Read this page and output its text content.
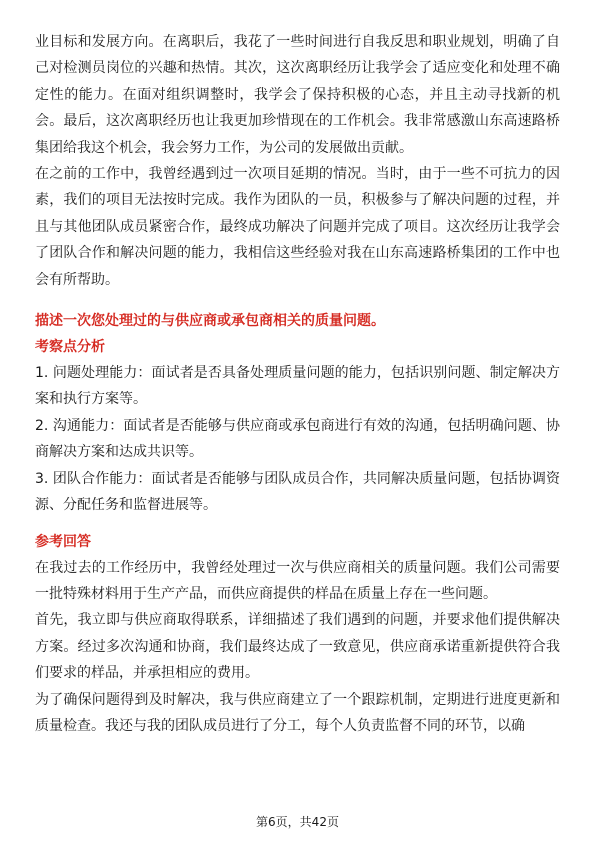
业目标和发展方向。在离职后，我花了一些时间进行自我反思和职业规划，明确了自己对检测员岗位的兴趣和热情。其次，这次离职经历让我学会了适应变化和处理不确定性的能力。在面对组织调整时，我学会了保持积极的心态，并且主动寻找新的机会。最后，这次离职经历也让我更加珍惜现在的工作机会。我非常感激山东高速路桥集团给我这个机会，我会努力工作，为公司的发展做出贡献。

在之前的工作中，我曾经遇到过一次项目延期的情况。当时，由于一些不可抗力的因素，我们的项目无法按时完成。我作为团队的一员，积极参与了解决问题的过程，并且与其他团队成员紧密合作，最终成功解决了问题并完成了项目。这次经历让我学会了团队合作和解决问题的能力，我相信这些经验对我在山东高速路桥集团的工作中也会有所帮助。

描述一次您处理过的与供应商或承包商相关的质量问题。

考察点分析

1. 问题处理能力：面试者是否具备处理质量问题的能力，包括识别问题、制定解决方案和执行方案等。

2. 沟通能力：面试者是否能够与供应商或承包商进行有效的沟通，包括明确问题、协商解决方案和达成共识等。

3. 团队合作能力：面试者是否能够与团队成员合作，共同解决质量问题，包括协调资源、分配任务和监督进展等。

参考回答

在我过去的工作经历中，我曾经处理过一次与供应商相关的质量问题。我们公司需要一批特殊材料用于生产产品，而供应商提供的样品在质量上存在一些问题。

首先，我立即与供应商取得联系，详细描述了我们遇到的问题，并要求他们提供解决方案。经过多次沟通和协商，我们最终达成了一致意见，供应商承诺重新提供符合我们要求的样品，并承担相应的费用。

为了确保问题得到及时解决，我与供应商建立了一个跟踪机制，定期进行进度更新和质量检查。我还与我的团队成员进行了分工，每个人负责监督不同的环节，以确

第6页，共42页
